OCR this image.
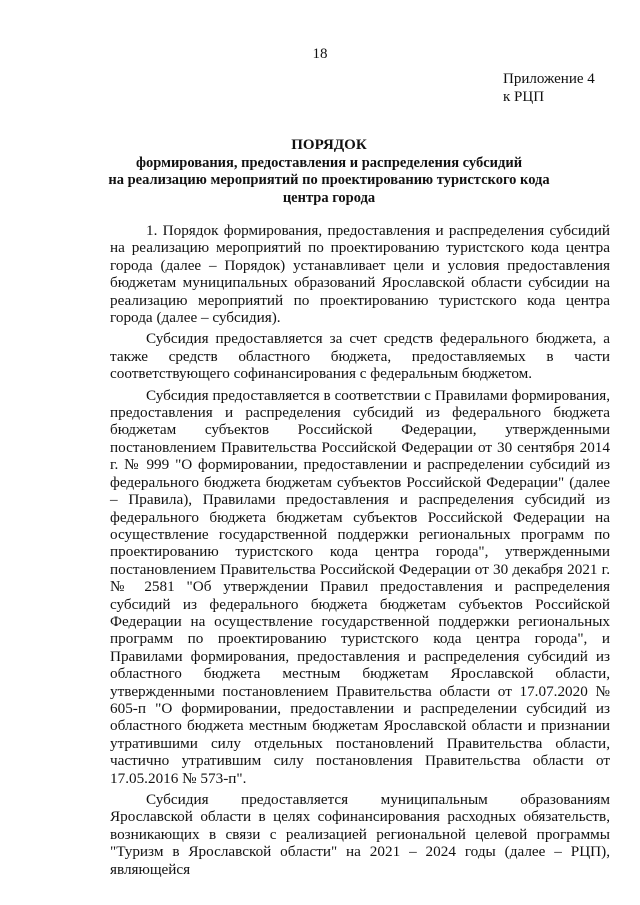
18
Приложение 4
к РЦП
ПОРЯДОК
формирования, предоставления и распределения субсидий
на реализацию мероприятий по проектированию туристского кода
центра города

1. Порядок формирования, предоставления и распределения субсидий на реализацию мероприятий по проектированию туристского кода центра города (далее – Порядок) устанавливает цели и условия предоставления бюджетам муниципальных образований Ярославской области субсидии на реализацию мероприятий по проектированию туристского кода центра города (далее – субсидия).

Субсидия предоставляется за счет средств федерального бюджета, а также средств областного бюджета, предоставляемых в части соответствующего софинансирования с федеральным бюджетом.

Субсидия предоставляется в соответствии с Правилами формирования, предоставления и распределения субсидий из федерального бюджета бюджетам субъектов Российской Федерации, утвержденными постановлением Правительства Российской Федерации от 30 сентября 2014 г. № 999 "О формировании, предоставлении и распределении субсидий из федерального бюджета бюджетам субъектов Российской Федерации" (далее – Правила), Правилами предоставления и распределения субсидий из федерального бюджета бюджетам субъектов Российской Федерации на осуществление государственной поддержки региональных программ по проектированию туристского кода центра города", утвержденными постановлением Правительства Российской Федерации от 30 декабря 2021 г. № 2581 "Об утверждении Правил предоставления и распределения субсидий из федерального бюджета бюджетам субъектов Российской Федерации на осуществление государственной поддержки региональных программ по проектированию туристского кода центра города", и Правилами формирования, предоставления и распределения субсидий из областного бюджета местным бюджетам Ярославской области, утвержденными постановлением Правительства области от 17.07.2020 № 605-п "О формировании, предоставлении и распределении субсидий из областного бюджета местным бюджетам Ярославской области и признании утратившими силу отдельных постановлений Правительства области, частично утратившим силу постановления Правительства области от 17.05.2016 № 573-п".

Субсидия предоставляется муниципальным образованиям Ярославской области в целях софинансирования расходных обязательств, возникающих в связи с реализацией региональной целевой программы "Туризм в Ярославской области" на 2021 – 2024 годы (далее – РЦП), являющейся
